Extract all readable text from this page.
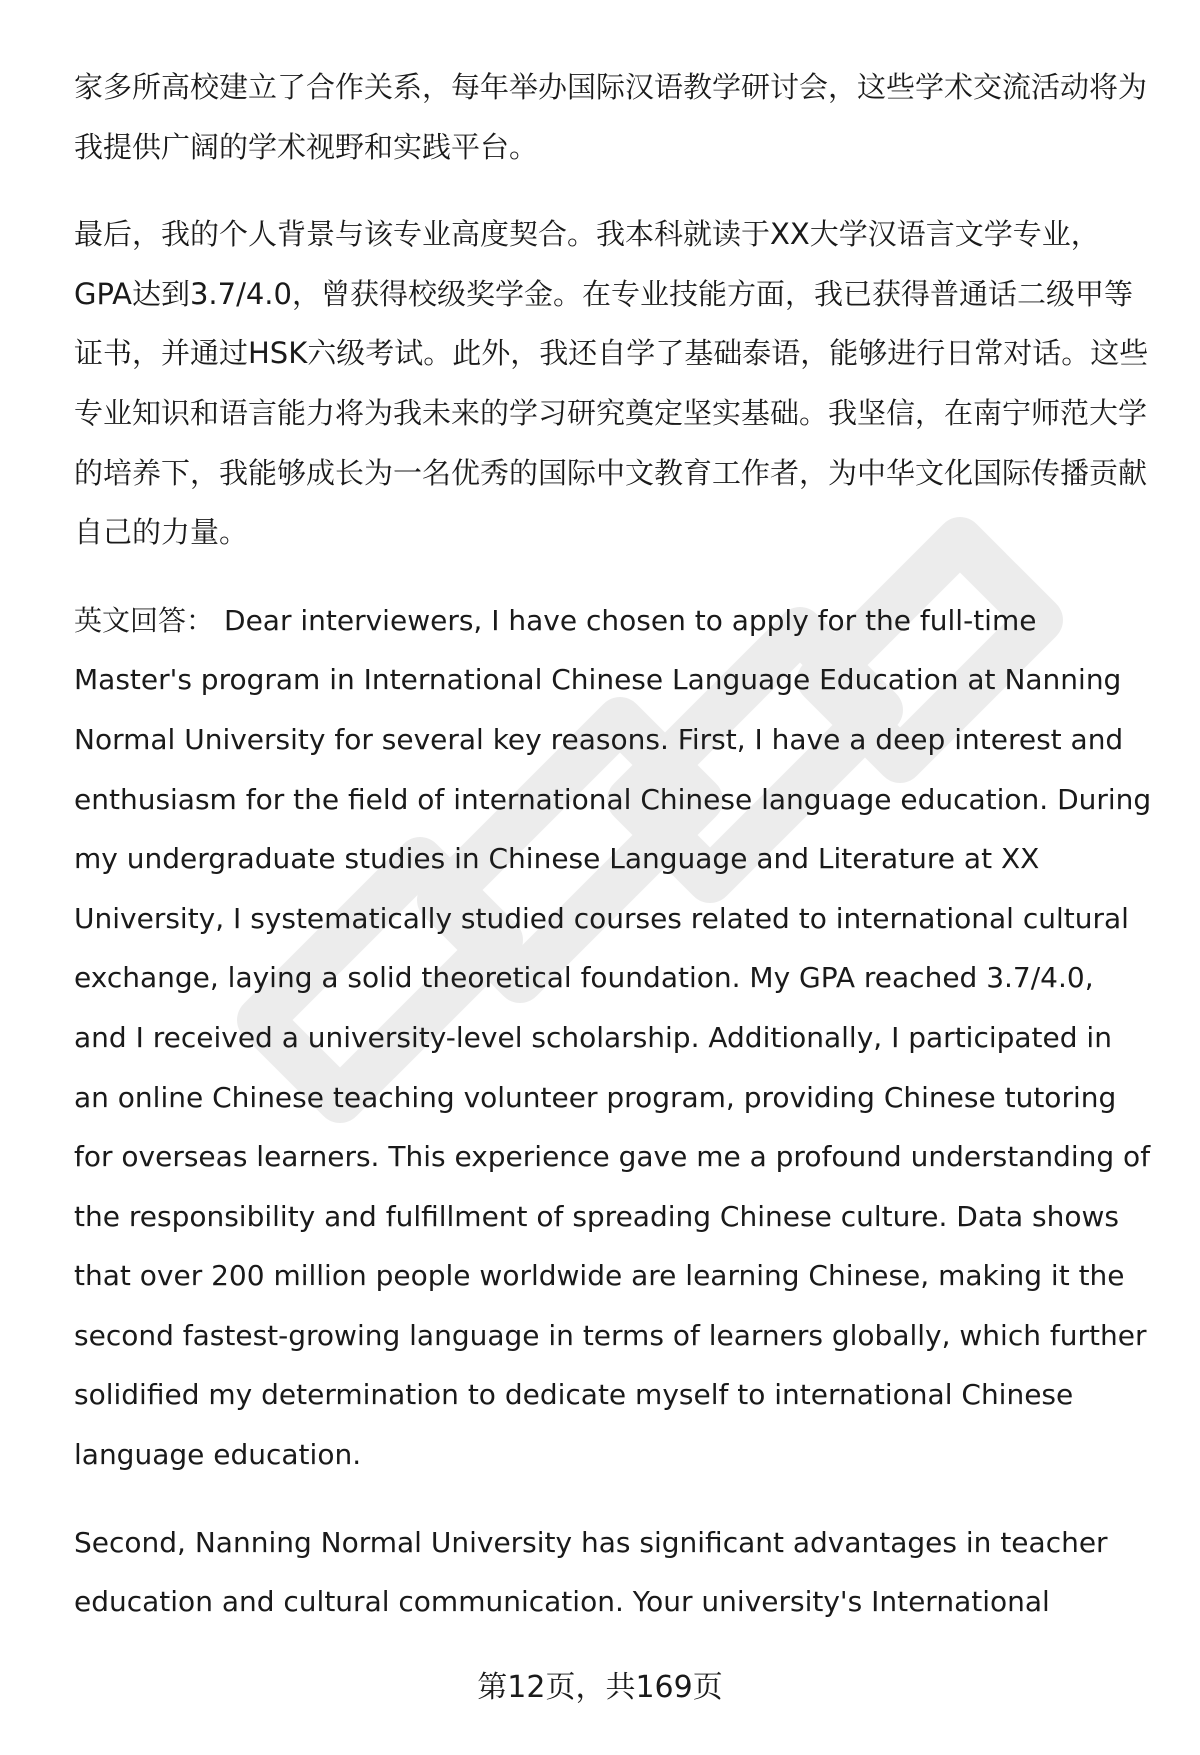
家多所高校建立了合作关系，每年举办国际汉语教学研讨会，这些学术交流活动将为我提供广阔的学术视野和实践平台。

最后，我的个人背景与该专业高度契合。我本科就读于XX大学汉语言文学专业，GPA达到3.7/4.0，曾获得校级奖学金。在专业技能方面，我已获得普通话二级甲等证书，并通过HSK六级考试。此外，我还自学了基础泰语，能够进行日常对话。这些专业知识和语言能力将为我未来的学习研究奠定坚实基础。我坚信，在南宁师范大学的培养下，我能够成长为一名优秀的国际中文教育工作者，为中华文化国际传播贡献自己的力量。

英文回答： Dear interviewers, I have chosen to apply for the full-time Master's program in International Chinese Language Education at Nanning Normal University for several key reasons. First, I have a deep interest and enthusiasm for the field of international Chinese language education. During my undergraduate studies in Chinese Language and Literature at XX University, I systematically studied courses related to international cultural exchange, laying a solid theoretical foundation. My GPA reached 3.7/4.0, and I received a university-level scholarship. Additionally, I participated in an online Chinese teaching volunteer program, providing Chinese tutoring for overseas learners. This experience gave me a profound understanding of the responsibility and fulfillment of spreading Chinese culture. Data shows that over 200 million people worldwide are learning Chinese, making it the second fastest-growing language in terms of learners globally, which further solidified my determination to dedicate myself to international Chinese language education.

Second, Nanning Normal University has significant advantages in teacher education and cultural communication. Your university's International

第12页，共169页
